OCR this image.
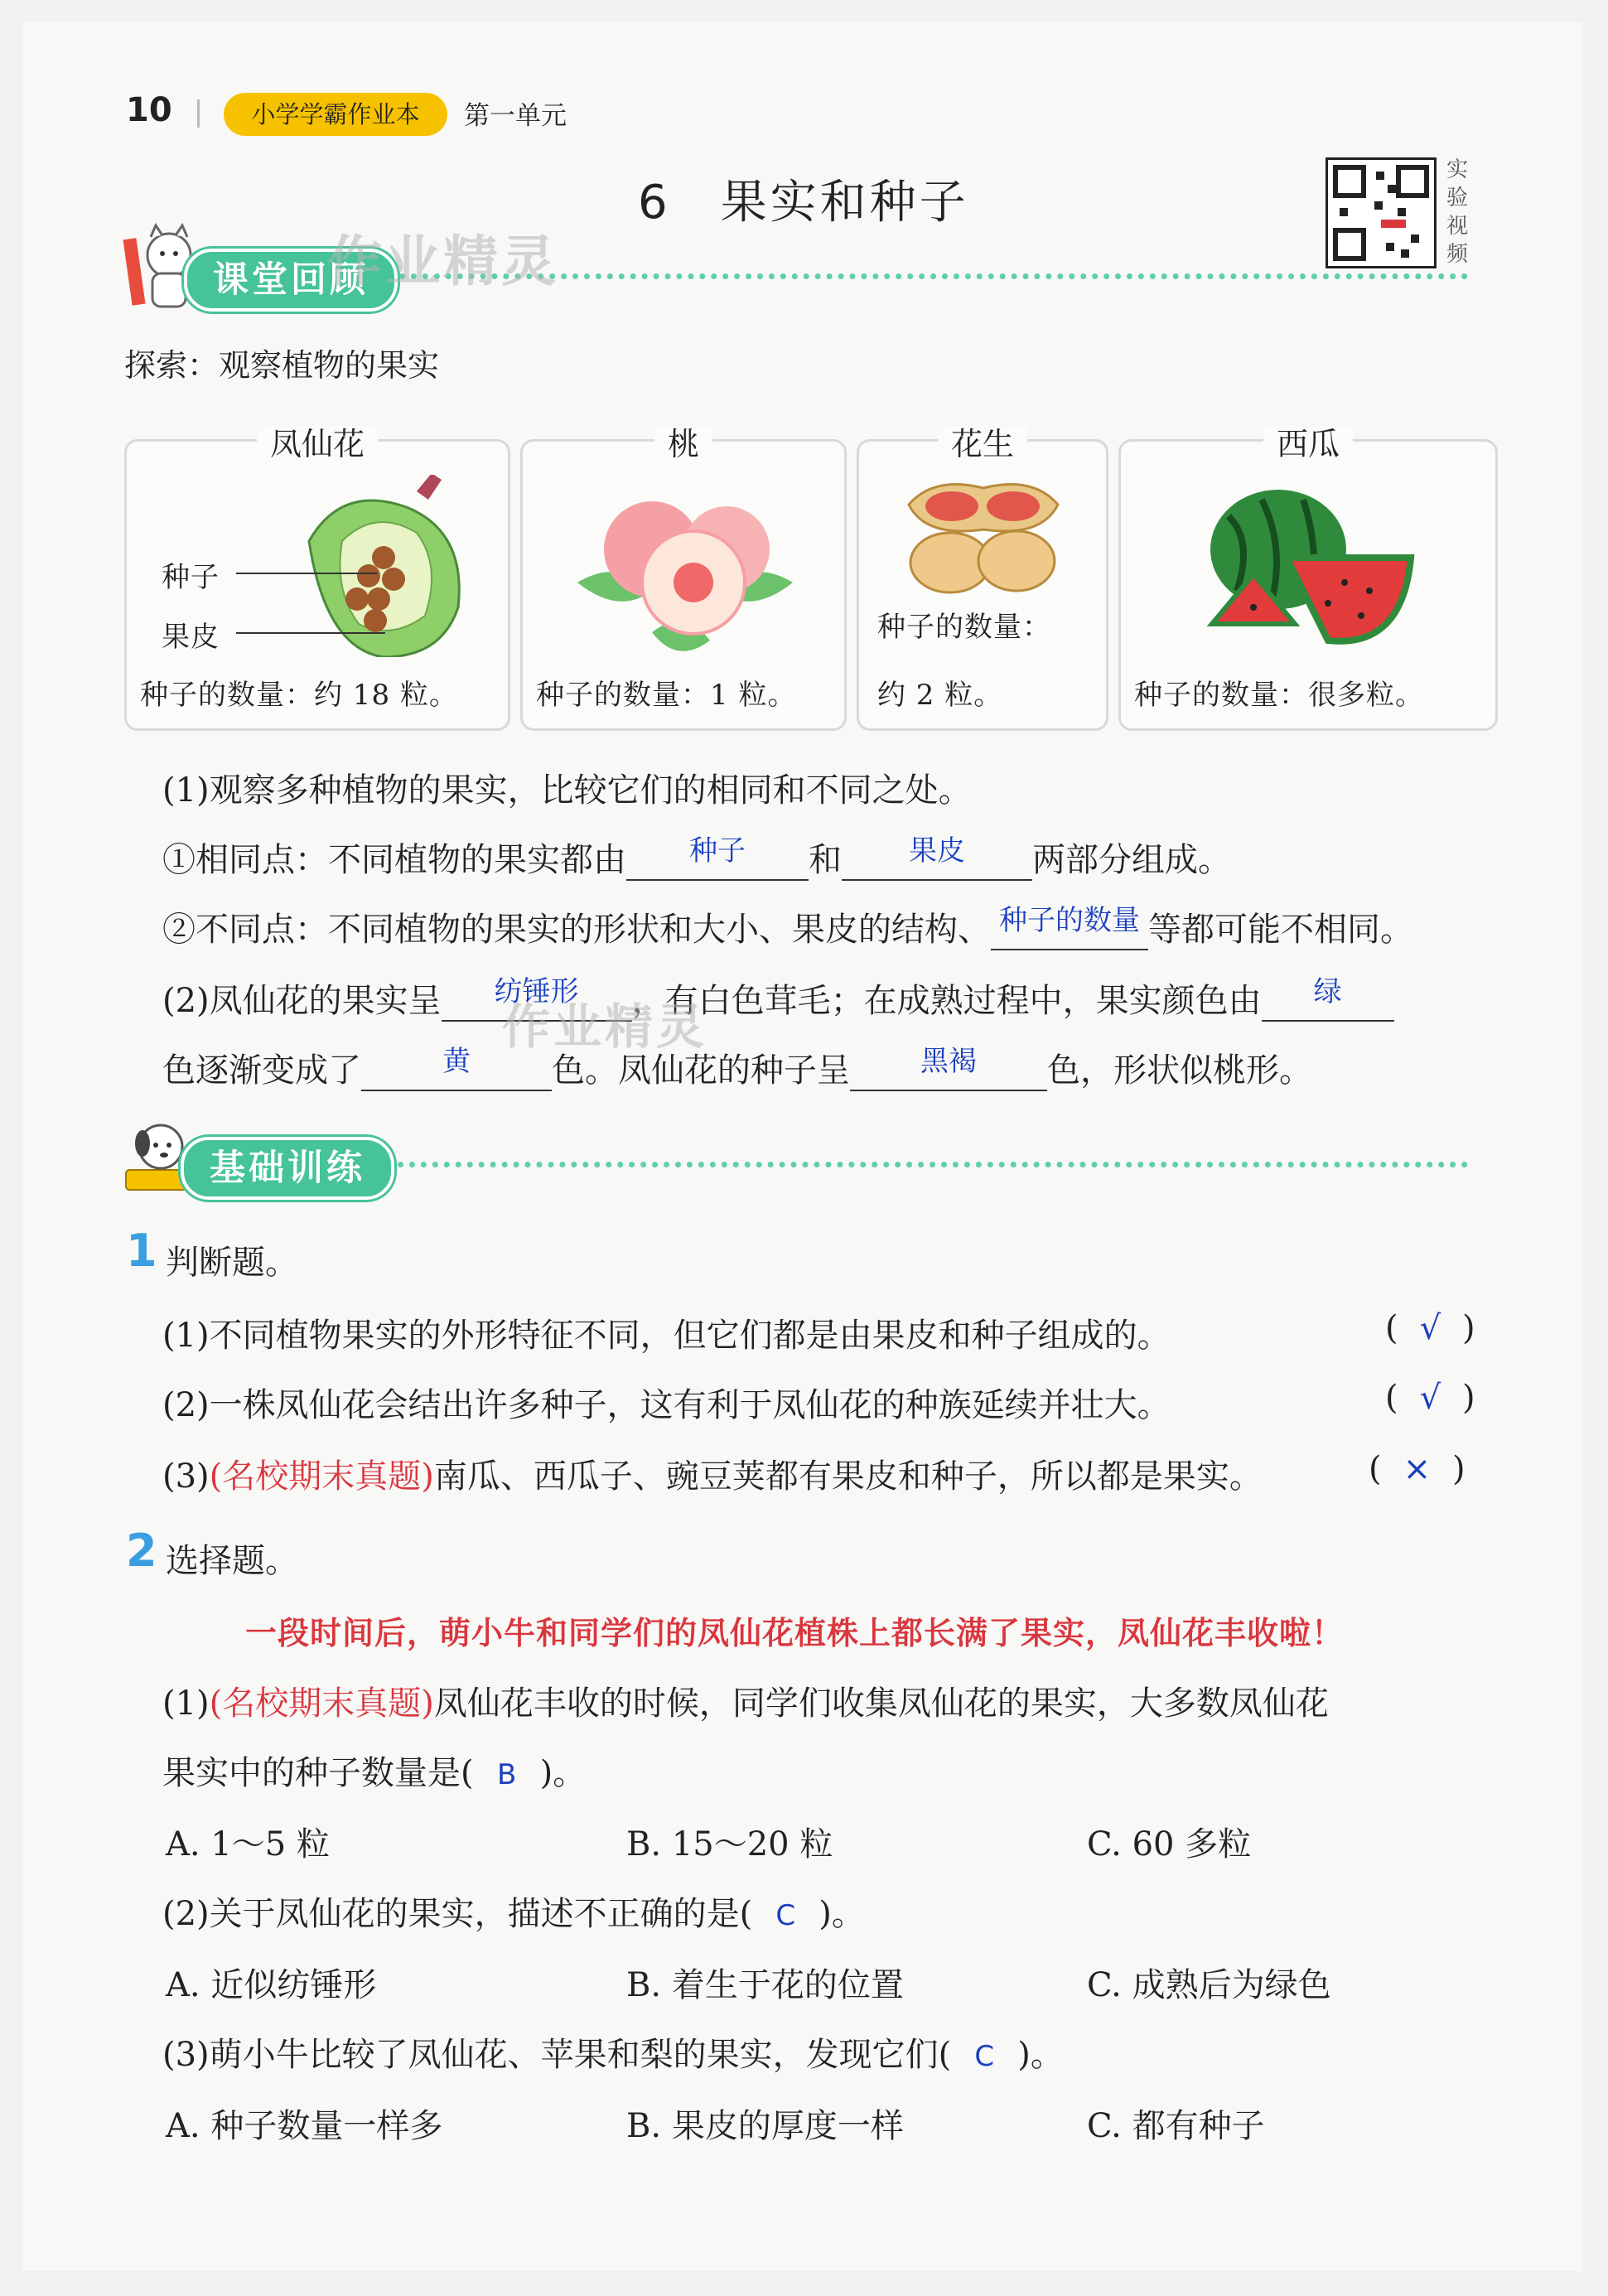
10	小学学霸作业本	第一单元
6　果实和种子
实验视频
课堂回顾
作业精灵
探索：观察植物的果实
凤仙花
种子
果皮
种子的数量：约 18 粒。
桃
种子的数量：1 粒。
花生
种子的数量：
约 2 粒。
西瓜
种子的数量：很多粒。
(1)观察多种植物的果实，比较它们的相同和不同之处。
①相同点：不同植物的果实都由 $^{种子}$ 和 $^{果皮}$ 两部分组成。
②不同点：不同植物的果实的形状和大小、果皮的结构、 $^{种子的数量}$ 等都可能不相同。
(2)凤仙花的果实呈 $^{纺锤形}$ ，有白色茸毛；在成熟过程中，果实颜色由 $^绿$
作业精灵
色逐渐变成了	$^黄$ 色。凤仙花的种子呈	$^{黑褐}$ 色，形状似桃形。
基础训练
1 判断题。
(1)不同植物果实的外形特征不同，但它们都是由果皮和种子组成的。	( √ )
(2)一株凤仙花会结出许多种子，这有利于凤仙花的种族延续并壮大。	( √ )
(3)(名校期末真题)南瓜、西瓜子、豌豆荚都有果皮和种子，所以都是果实。	( × )
2 选择题。
一段时间后，萌小牛和同学们的凤仙花植株上都长满了果实，凤仙花丰收啦！
(1)(名校期末真题)凤仙花丰收的时候，同学们收集凤仙花的果实，大多数凤仙花
果实中的种子数量是( B )。
A. 1～5 粒	B. 15～20 粒	C. 60 多粒
(2)关于凤仙花的果实，描述不正确的是( C )。
A. 近似纺锤形	B. 着生于花的位置	C. 成熟后为绿色
(3)萌小牛比较了凤仙花、苹果和梨的果实，发现它们( C )。
A. 种子数量一样多	B. 果皮的厚度一样	C. 都有种子
